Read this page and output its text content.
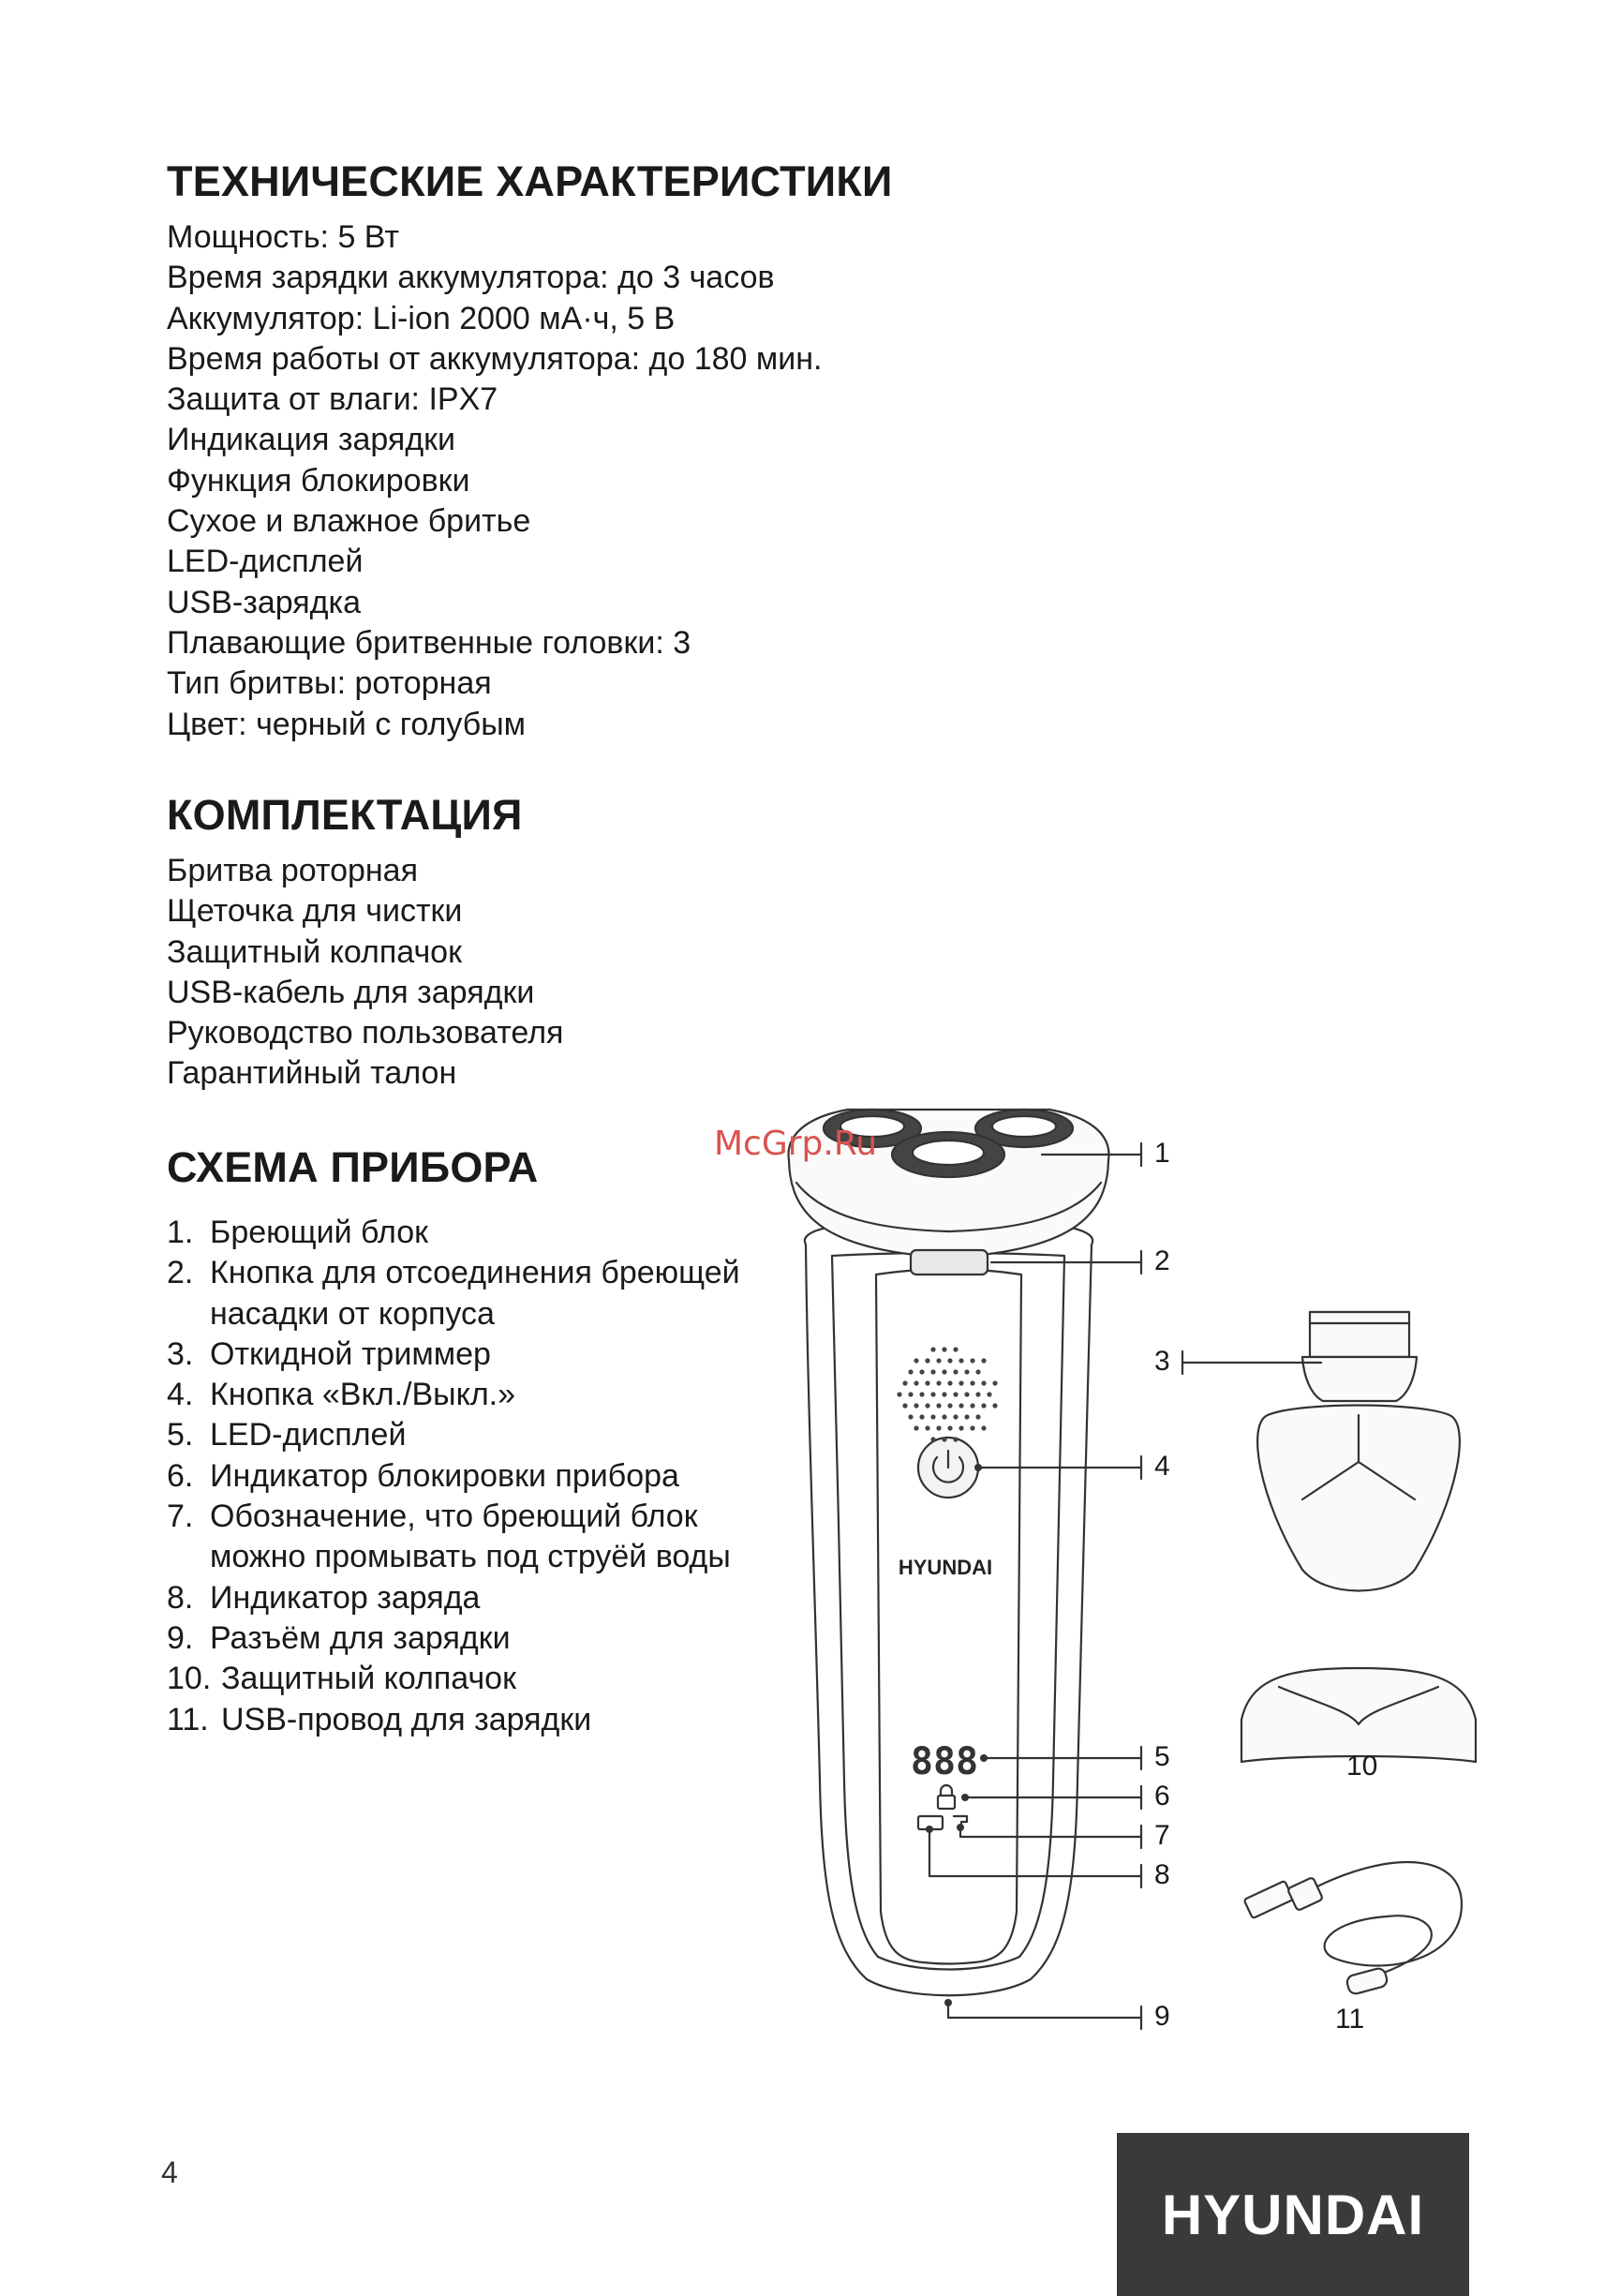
ТЕХНИЧЕСКИЕ ХАРАКТЕРИСТИКИ
Мощность: 5 Вт
Время зарядки аккумулятора: до 3 часов
Аккумулятор: Li-ion 2000 мА·ч, 5 В
Время работы от аккумулятора: до 180 мин.
Защита от влаги: IPX7
Индикация зарядки
Функция блокировки
Сухое и влажное бритье
LED-дисплей
USB-зарядка
Плавающие бритвенные головки: 3
Тип бритвы: роторная
Цвет: черный с голубым
КОМПЛЕКТАЦИЯ
Бритва роторная
Щеточка для чистки
Защитный колпачок
USB-кабель для зарядки
Руководство пользователя
Гарантийный талон
СХЕМА ПРИБОРА
1. Бреющий блок
2. Кнопка для отсоединения бреющей насадки от корпуса
3. Откидной триммер
4. Кнопка «Вкл./Выкл.»
5. LED-дисплей
6. Индикатор блокировки прибора
7. Обозначение, что бреющий блок можно промывать под струёй воды
8. Индикатор заряда
9. Разъём для зарядки
10. Защитный колпачок
11. USB-провод для зарядки
HYUNDAI
888
McGrp.Ru	1
2
3
4
5
6
7
8
9
10
11
4
HYUNDAI
